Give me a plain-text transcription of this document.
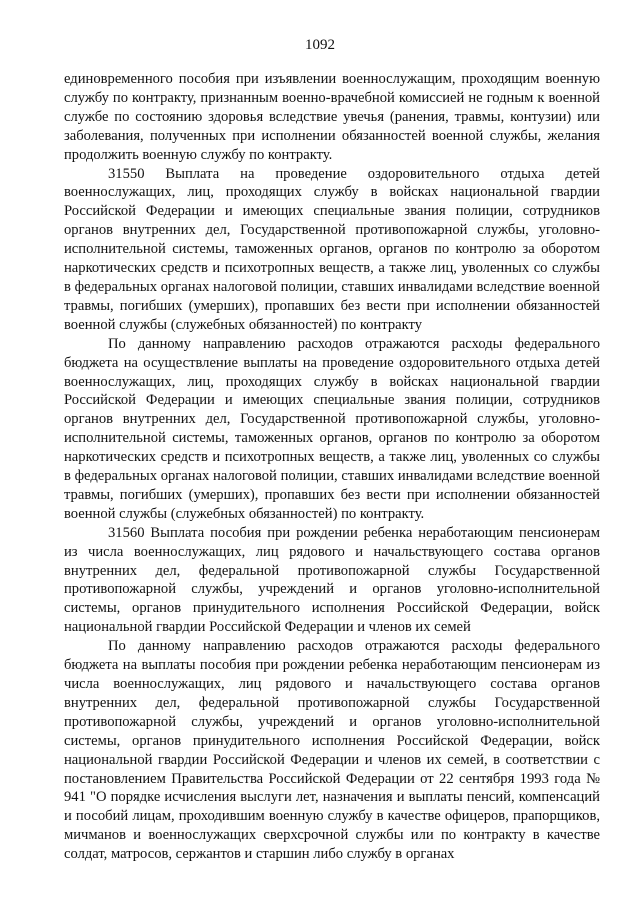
1092

единовременного пособия при изъявлении военнослужащим, проходящим военную службу по контракту, признанным военно-врачебной комиссией не годным к военной службе по состоянию здоровья вследствие увечья (ранения, травмы, контузии) или заболевания, полученных при исполнении обязанностей военной службы, желания продолжить военную службу по контракту.

31550 Выплата на проведение оздоровительного отдыха детей военнослужащих, лиц, проходящих службу в войсках национальной гвардии Российской Федерации и имеющих специальные звания полиции, сотрудников органов внутренних дел, Государственной противопожарной службы, уголовно-исполнительной системы, таможенных органов, органов по контролю за оборотом наркотических средств и психотропных веществ, а также лиц, уволенных со службы в федеральных органах налоговой полиции, ставших инвалидами вследствие военной травмы, погибших (умерших), пропавших без вести при исполнении обязанностей военной службы (служебных обязанностей) по контракту

По данному направлению расходов отражаются расходы федерального бюджета на осуществление выплаты на проведение оздоровительного отдыха детей военнослужащих, лиц, проходящих службу в войсках национальной гвардии Российской Федерации и имеющих специальные звания полиции, сотрудников органов внутренних дел, Государственной противопожарной службы, уголовно-исполнительной системы, таможенных органов, органов по контролю за оборотом наркотических средств и психотропных веществ, а также лиц, уволенных со службы в федеральных органах налоговой полиции, ставших инвалидами вследствие военной травмы, погибших (умерших), пропавших без вести при исполнении обязанностей военной службы (служебных обязанностей) по контракту.

31560 Выплата пособия при рождении ребенка неработающим пенсионерам из числа военнослужащих, лиц рядового и начальствующего состава органов внутренних дел, федеральной противопожарной службы Государственной противопожарной службы, учреждений и органов уголовно-исполнительной системы, органов принудительного исполнения Российской Федерации, войск национальной гвардии Российской Федерации и членов их семей

По данному направлению расходов отражаются расходы федерального бюджета на выплаты пособия при рождении ребенка неработающим пенсионерам из числа военнослужащих, лиц рядового и начальствующего состава органов внутренних дел, федеральной противопожарной службы Государственной противопожарной службы, учреждений и органов уголовно-исполнительной системы, органов принудительного исполнения Российской Федерации, войск национальной гвардии Российской Федерации и членов их семей, в соответствии с постановлением Правительства Российской Федерации от 22 сентября 1993 года № 941 "О порядке исчисления выслуги лет, назначения и выплаты пенсий, компенсаций и пособий лицам, проходившим военную службу в качестве офицеров, прапорщиков, мичманов и военнослужащих сверхсрочной службы или по контракту в качестве солдат, матросов, сержантов и старшин либо службу в органах
